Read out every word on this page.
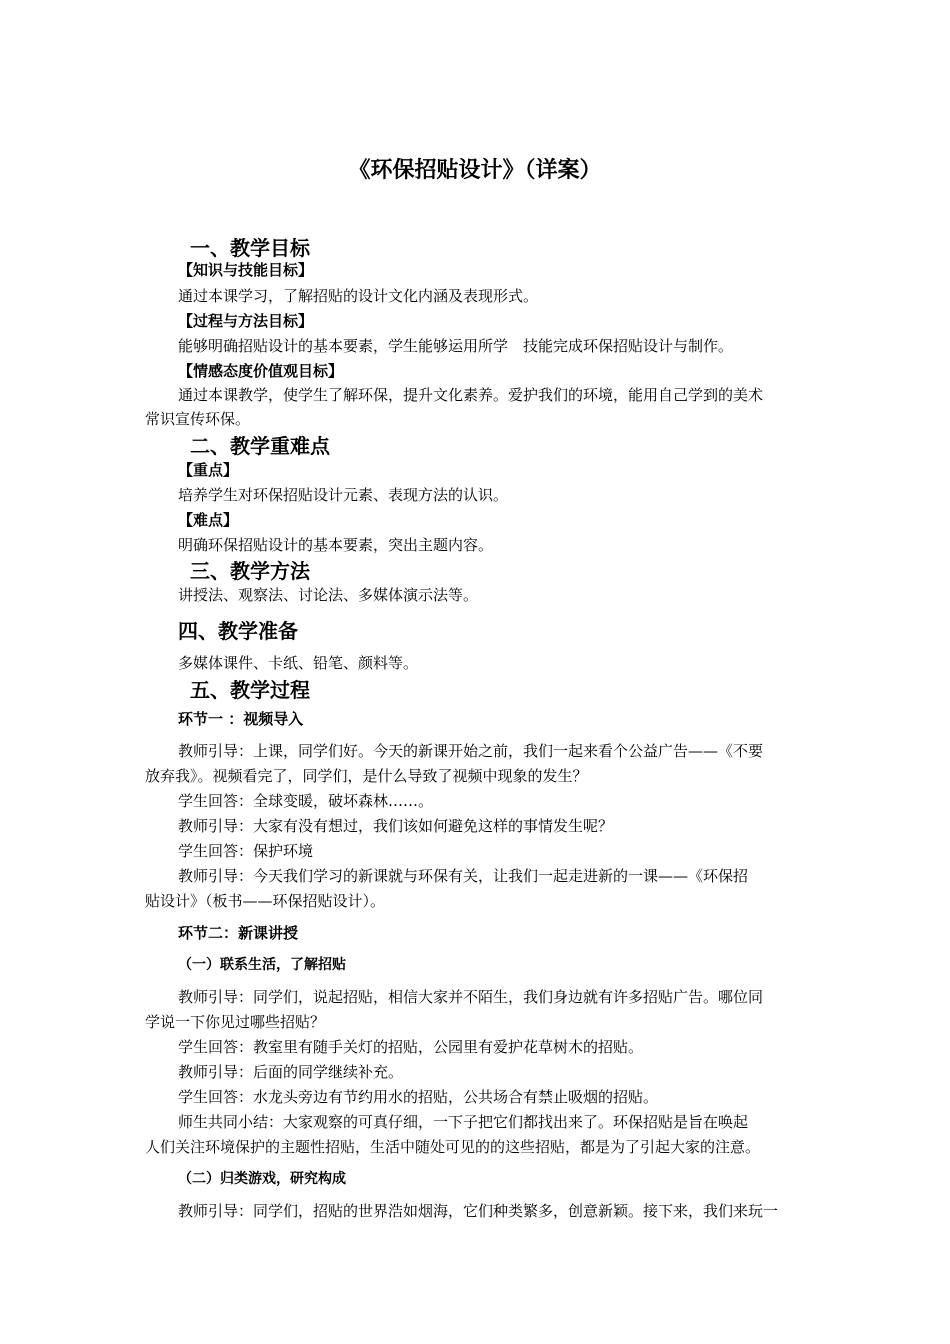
《环保招贴设计》（详案）
一、教学目标
【知识与技能目标】
通过本课学习，了解招贴的设计文化内涵及表现形式。
【过程与方法目标】
能够明确招贴设计的基本要素，学生能够运用所学　技能完成环保招贴设计与制作。
【情感态度价值观目标】
通过本课教学，使学生了解环保，提升文化素养。爱护我们的环境，能用自己学到的美术
常识宣传环保。
二、教学重难点
【重点】
培养学生对环保招贴设计元素、表现方法的认识。
【难点】
明确环保招贴设计的基本要素，突出主题内容。
三、教学方法
讲授法、观察法、讨论法、多媒体演示法等。
四、教学准备
多媒体课件、卡纸、铅笔、颜料等。
五、教学过程
环节一 ：视频导入
教师引导：上课，同学们好。今天的新课开始之前，我们一起来看个公益广告——《不要
放弃我》。视频看完了，同学们，是什么导致了视频中现象的发生？
学生回答：全球变暖，破坏森林……。
教师引导：大家有没有想过，我们该如何避免这样的事情发生呢？
学生回答：保护环境
教师引导：今天我们学习的新课就与环保有关，让我们一起走进新的一课——《环保招
贴设计》（板书——环保招贴设计）。
环节二：新课讲授
（一）联系生活，了解招贴
教师引导：同学们，说起招贴，相信大家并不陌生，我们身边就有许多招贴广告。哪位同
学说一下你见过哪些招贴？
学生回答：教室里有随手关灯的招贴，公园里有爱护花草树木的招贴。
教师引导：后面的同学继续补充。
学生回答：水龙头旁边有节约用水的招贴，公共场合有禁止吸烟的招贴。
师生共同小结：大家观察的可真仔细，一下子把它们都找出来了。环保招贴是旨在唤起
人们关注环境保护的主题性招贴，生活中随处可见的的这些招贴，都是为了引起大家的注意。
（二）归类游戏，研究构成
教师引导：同学们，招贴的世界浩如烟海，它们种类繁多，创意新颖。接下来，我们来玩一
